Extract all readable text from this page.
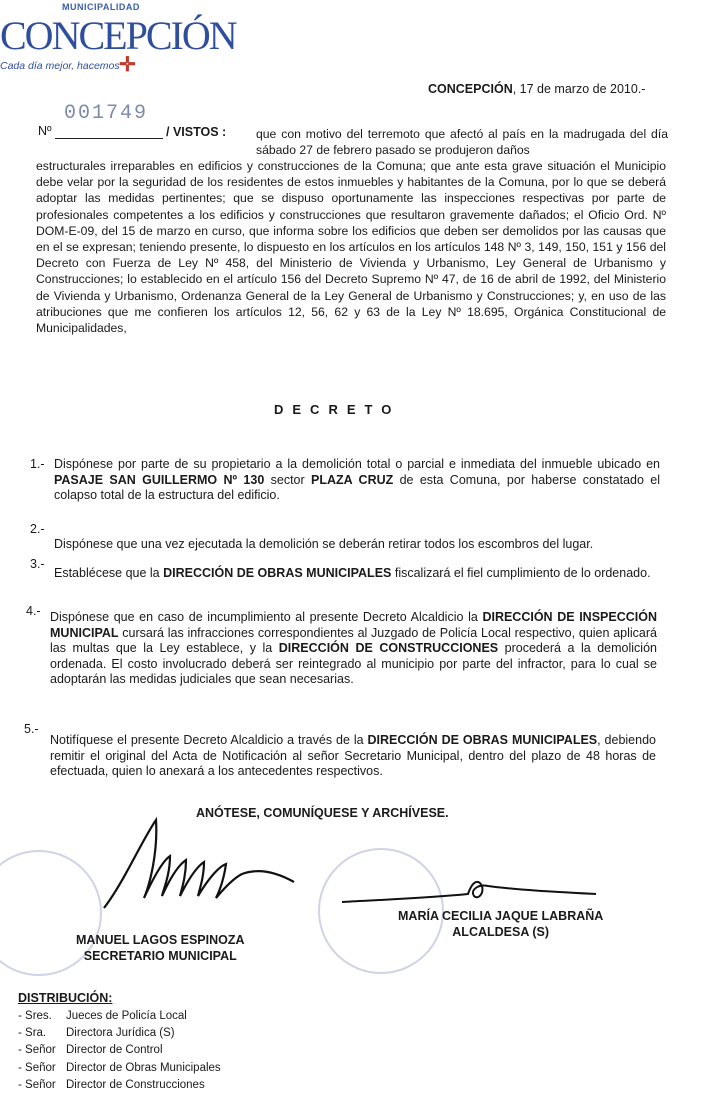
MUNICIPALIDAD
CONCEPCIÓN
Cada día mejor, hacemos ✛
CONCEPCIÓN, 17 de marzo de 2010.-
001749
Nº	/ VISTOS : que con motivo del terremoto que afectó al país en la madrugada del día sábado 27 de febrero pasado se produjeron daños
estructurales irreparables en edificios y construcciones de la Comuna; que ante esta grave situación el Municipio debe velar por la seguridad de los residentes de estos inmuebles y habitantes de la Comuna, por lo que se deberá adoptar las medidas pertinentes; que se dispuso oportunamente las inspecciones respectivas por parte de profesionales competentes a los edificios y construcciones que resultaron gravemente dañados; el Oficio Ord. Nº DOM-E-09, del 15 de marzo en curso, que informa sobre los edificios que deben ser demolidos por las causas que en el se expresan; teniendo presente, lo dispuesto en los artículos en los artículos 148 Nº 3, 149, 150, 151 y 156 del Decreto con Fuerza de Ley Nº 458, del Ministerio de Vivienda y Urbanismo, Ley General de Urbanismo y Construcciones; lo establecido en el artículo 156 del Decreto Supremo Nº 47, de 16 de abril de 1992, del Ministerio de Vivienda y Urbanismo, Ordenanza General de la Ley General de Urbanismo y Construcciones; y, en uso de las atribuciones que me confieren los artículos 12, 56, 62 y 63 de la Ley Nº 18.695, Orgánica Constitucional de Municipalidades,
DECRETO
1.- Dispónese por parte de su propietario a la demolición total o parcial e inmediata del inmueble ubicado en PASAJE SAN GUILLERMO Nº 130 sector PLAZA CRUZ de esta Comuna, por haberse constatado el colapso total de la estructura del edificio.
2.-
Dispónese que una vez ejecutada la demolición se deberán retirar todos los escombros del lugar.
3.-
Establécese que la DIRECCIÓN DE OBRAS MUNICIPALES fiscalizará el fiel cumplimiento de lo ordenado.
4.- Dispónese que en caso de incumplimiento al presente Decreto Alcaldicio la DIRECCIÓN DE INSPECCIÓN MUNICIPAL cursará las infracciones correspondientes al Juzgado de Policía Local respectivo, quien aplicará las multas que la Ley establece, y la DIRECCIÓN DE CONSTRUCCIONES procederá a la demolición ordenada. El costo involucrado deberá ser reintegrado al municipio por parte del infractor, para lo cual se adoptarán las medidas judiciales que sean necesarias.
5.-
Notifíquese el presente Decreto Alcaldicio a través de la DIRECCIÓN DE OBRAS MUNICIPALES, debiendo remitir el original del Acta de Notificación al señor Secretario Municipal, dentro del plazo de 48 horas de efectuada, quien lo anexará a los antecedentes respectivos.
ANÓTESE, COMUNÍQUESE Y ARCHÍVESE.
MANUEL LAGOS ESPINOZA
SECRETARIO MUNICIPAL
MARÍA CECILIA JAQUE LABRAÑA
ALCALDESA (S)
DISTRIBUCIÓN:
- Sres. Jueces de Policía Local
- Sra. Directora Jurídica (S)
- Señor Director de Control
- Señor Director de Obras Municipales
- Señor Director de Construcciones
